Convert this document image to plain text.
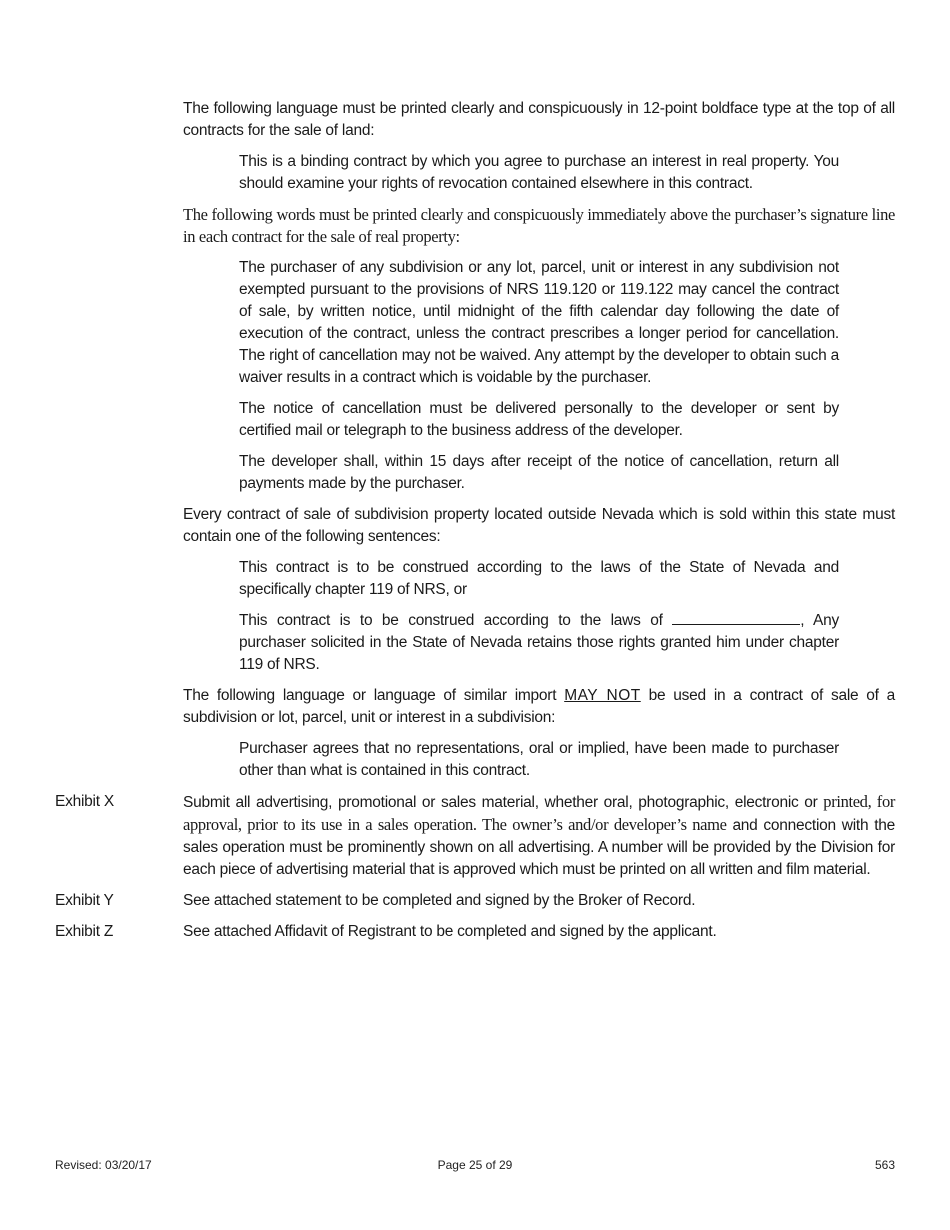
The following language must be printed clearly and conspicuously in 12-point boldface type at the top of all contracts for the sale of land:

This is a binding contract by which you agree to purchase an interest in real property. You should examine your rights of revocation contained elsewhere in this contract.

The following words must be printed clearly and conspicuously immediately above the purchaser’s signature line in each contract for the sale of real property:

The purchaser of any subdivision or any lot, parcel, unit or interest in any subdivision not exempted pursuant to the provisions of NRS 119.120 or 119.122 may cancel the contract of sale, by written notice, until midnight of the fifth calendar day following the date of execution of the contract, unless the contract prescribes a longer period for cancellation. The right of cancellation may not be waived. Any attempt by the developer to obtain such a waiver results in a contract which is voidable by the purchaser.

The notice of cancellation must be delivered personally to the developer or sent by certified mail or telegraph to the business address of the developer.

The developer shall, within 15 days after receipt of the notice of cancellation, return all payments made by the purchaser.

Every contract of sale of subdivision property located outside Nevada which is sold within this state must contain one of the following sentences:

This contract is to be construed according to the laws of the State of Nevada and specifically chapter 119 of NRS, or

This contract is to be construed according to the laws of	, Any purchaser solicited in the State of Nevada retains those rights granted him under chapter 119 of NRS.

The following language or language of similar import MAY NOT be used in a contract of sale of a subdivision or lot, parcel, unit or interest in a subdivision:

Purchaser agrees that no representations, oral or implied, have been made to purchaser other than what is contained in this contract.

Exhibit X	Submit all advertising, promotional or sales material, whether oral, photographic, electronic or printed, for approval, prior to its use in a sales operation. The owner’s and/or developer’s name and connection with the sales operation must be prominently shown on all advertising. A number will be provided by the Division for each piece of advertising material that is approved which must be printed on all written and film material.

Exhibit Y	See attached statement to be completed and signed by the Broker of Record.

Exhibit Z	See attached Affidavit of Registrant to be completed and signed by the applicant.

Revised: 03/20/17	Page 25 of 29	563
